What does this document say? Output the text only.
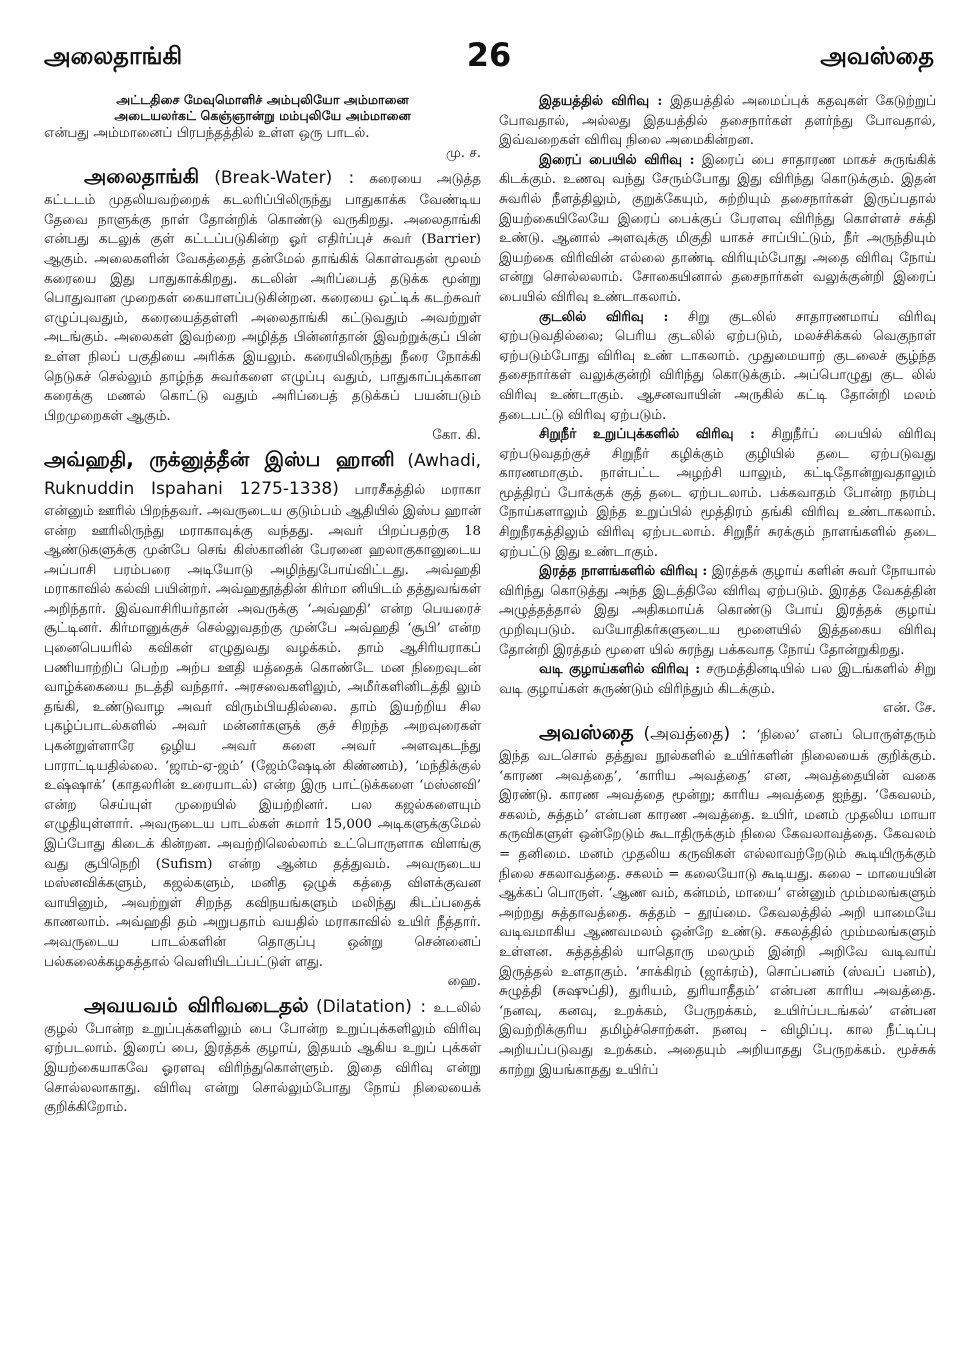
அலைதாங்கி	26	அவஸ்தை

அட்டதிசை மேவுமொளிச் அம்புலியோ அம்மானை

அடையலர்கட் கெஞ்ஞான்று மம்புலியே அம்மானை

என்பது அம்மானைப் பிரபந்தத்தில் உள்ள ஒரு பாடல்.

மு. ச.

அலைதாங்கி (Break-Water) : கரையை அடுத்த கட்டடம் முதலியவற்றைக் கடலரிப்பிலிருந்து பாதுகாக்க வேண்டிய தேவை நாளுக்கு நாள் தோன்றிக் கொண்டு வருகிறது. அலைதாங்கி என்பது கடலுக் குள் கட்டப்படுகின்ற ஓர் எதிர்ப்புச் சுவர் (Barrier) ஆகும். அலைகளின் வேகத்தைத் தன்மேல் தாங்கிக் கொள்வதன் மூலம் கரையை இது பாதுகாக்கிறது. கடலின் அரிப்பைத் தடுக்க மூன்று பொதுவான முறைகள் கையாளப்படுகின்றன. கரையை ஒட்டிக் கடற்சுவர் எழுப்புவதும், கரையைத்தள்ளி அலைதாங்கி கட்டுவதும் அவற்றுள் அடங்கும். அலைகள் இவற்றை அழித்த பின்னர்தான் இவற்றுக்குப் பின் உள்ள நிலப் பகுதியை அரிக்க இயலும். கரையிலிருந்து நீரை நோக்கி நெடுகச் செல்லும் தாழ்ந்த சுவர்களை எழுப்பு வதும், பாதுகாப்புக்கான கரைக்கு மணல் கொட்டு வதும் அரிப்பைத் தடுக்கப் பயன்படும் பிறமுறைகள் ஆகும்.

கோ. கி.

அவ்ஹதி, ருக்னுத்தீன் இஸ்ப ஹானி (Awhadi, Ruknuddin Ispahani 1275-1338) பாரசீகத்தில் மராகா என்னும் ஊரில் பிறந்தவர். அவருடைய குடும்பம் ஆதியில் இஸ்ப ஹான் என்ற ஊரிலிருந்து மராகாவுக்கு வந்தது. அவர் பிறப்பதற்கு 18 ஆண்டுகளுக்கு முன்பே செங் கிஸ்கானின் பேரனை ஹலாகுகானுடைய அப்பாசி பரம்பரை அடியோடு அழிந்துபோய்விட்டது. அவ்ஹதி மராகாவில் கல்வி பயின்றர். அவ்ஹதூத்தின் கிர்மா னியிடம் தத்துவங்கள் அறிந்தார். இவ்வாசிரியர்தான் அவருக்கு ‘அவ்ஹதி’ என்ற பெயரைச் சூட்டினர். கிர்மானுக்குச் செல்லுவதற்கு முன்பே அவ்ஹதி ‘சூபி’ என்ற புனைபெயரில் கவிகள் எழுதுவது வழக்கம். தாம் ஆசிரியராகப் பணியாற்றிப் பெற்ற அற்ப ஊதி யத்தைக் கொண்டே மன நிறைவுடன் வாழ்க்கையை நடத்தி வந்தார். அரசவைகளிலும், அமீர்களினிடத்தி லும் தங்கி, உண்டுவாழ அவர் விரும்பியதில்லை. தாம் இயற்றிய சில புகழ்ப்பாடல்களில் அவர் மன்னர்களுக் குச் சிறந்த அறவுரைகள் புகன்றுள்ளாரே ஒழிய அவர் களை அவர் அளவுகடந்து பாராட்டியதில்லை. ‘ஜாம்-ஏ-ஜம்’ (ஜேம்ஷேடின் கிண்ணம்), ‘மந்திக்குல் உஷ்ஷாக்’ (காதலரின் உரையாடல்) என்ற இரு பாட்டுக்களை ‘மஸ்னவி’ என்ற செய்யுள் முறையில் இயற்றினர். பல கஜல்களையும் எழுதியுள்ளார். அவருடைய பாடல்கள் சுமார் 15,000 அடிகளுக்குமேல் இப்போது கிடைக் கின்றன. அவற்றிலெல்லாம் உட்பொருளாக விளங்கு வது சூபிநெறி (Sufism) என்ற ஆன்ம தத்துவம். அவருடைய மஸ்னவிக்களும், கஜல்களும், மனித ஒழுக் கத்தை விளக்குவன வாயினும், அவற்றுள் சிறந்த கவிநயங்களும் மலிந்து கிடப்பதைக் காணலாம். அவ்ஹதி தம் அறுபதாம் வயதில் மராகாவில் உயிர் நீத்தார். அவருடைய பாடல்களின் தொகுப்பு ஒன்று சென்னைப் பல்கலைக்கழகத்தால் வெளியிடப்பட்டுள் ளது.

ஹை.

அவயவம் விரிவடைதல் (Dilatation) : உடலில் குழல் போன்ற உறுப்புக்களிலும் பை போன்ற உறுப்புக்களிலும் விரிவு ஏற்படலாம். இரைப் பை, இரத்தக் குழாய், இதயம் ஆகிய உறுப் புக்கள் இயற்கையாகவே ஓரளவு விரிந்துகொள்ளும். இதை விரிவு என்று சொல்லலாகாது. விரிவு என்று சொல்லும்போது நோய் நிலையைக் குறிக்கிறோம்.

இதயத்தில் விரிவு : இதயத்தில் அமைப்புக் கதவுகள் கேடுற்றுப் போவதால், அல்லது இதயத்தில் தசைநார்கள் தளர்ந்து போவதால், இவ்வறைகள் விரிவு நிலை அமைகின்றன.

இரைப் பையில் விரிவு : இரைப் பை சாதாரண மாகச் சுருங்கிக் கிடக்கும். உணவு வந்து சேரும்போது இது விரிந்து கொடுக்கும். இதன் சுவரில் நீளத்திலும், குறுக்கேயும், சுற்றியும் தசைநார்கள் இருப்பதால் இயற்கையிலேயே இரைப் பைக்குப் பேரளவு விரிந்து கொள்ளச் சக்தி உண்டு. ஆனால் அளவுக்கு மிகுதி யாகச் சாப்பிட்டும், நீர் அருந்தியும் இயற்கை விரிவின் எல்லை தாண்டி விரியும்போது அதை விரிவு நோய் என்று சொல்லலாம். சோகையினால் தசைநார்கள் வலுக்குன்றி இரைப் பையில் விரிவு உண்டாகலாம்.

குடலில் விரிவு : சிறு குடலில் சாதாரணமாய் விரிவு ஏற்படுவதில்லை; பெரிய குடலில் ஏற்படும், மலச்சிக்கல் வெகுநாள் ஏற்படும்போது விரிவு உண் டாகலாம். முதுமையாற் குடலைச் சூழ்ந்த தசைநார்கள் வலுக்குன்றி விரிந்து கொடுக்கும். அப்பொழுது குட லில் விரிவு உண்டாகும். ஆசனவாயின் அருகில் கட்டி தோன்றி மலம் தடைபட்டு விரிவு ஏற்படும்.

சிறுநீர் உறுப்புக்களில் விரிவு : சிறுநீர்ப் பையில் விரிவு ஏற்படுவதற்குச் சிறுநீர் கழிக்கும் குழியில் தடை ஏற்படுவது காரணமாகும். நாள்பட்ட அழற்சி யாலும், கட்டிதோன்றுவதாலும் மூத்திரப் போக்குக் குத் தடை ஏற்படலாம். பக்கவாதம் போன்ற நரம்பு நோய்களாலும் இந்த உறுப்பில் மூத்திரம் தங்கி விரிவு உண்டாகலாம். சிறுநீரகத்திலும் விரிவு ஏற்படலாம். சிறுநீர் சுரக்கும் நாளங்களில் தடை ஏற்பட்டு இது உண்டாகும்.

இரத்த நாளங்களில் விரிவு : இரத்தக் குழாய் களின் சுவர் நோயால் விரிந்து கொடுத்து அந்த இடத்திலே விரிவு ஏற்படும். இரத்த வேகத்தின் அழுத்தத்தால் இது அதிகமாய்க் கொண்டு போய் இரத்தக் குழாய் முறிவுபடும். வயோதிகர்களுடைய மூளையில் இத்தகைய விரிவு தோன்றி இரத்தம் மூளை யில் சுரந்து பக்கவாத நோய் தோன்றுகிறது.

வடி குழாய்களில் விரிவு : சருமத்தினடியில் பல இடங்களில் சிறு வடி குழாய்கள் சுருண்டும் விரிந்தும் கிடக்கும்.

என். சே.

அவஸ்தை (அவத்தை) : ‘நிலை’ எனப் பொருள்தரும் இந்த வடசொல் தத்துவ நூல்களில் உயிர்களின் நிலையைக் குறிக்கும். ‘காரண அவத்தை’, ‘காரிய அவத்தை’ என, அவத்தையின் வகை இரண்டு. காரண அவத்தை மூன்று; காரிய அவத்தை ஐந்து. ‘கேவலம், சகலம், சுத்தம்’ என்பன காரண அவத்தை. உயிர், மனம் முதலிய மாயா கருவிகளுள் ஒன்றேடும் கூடாதிருக்கும் நிலை கேவலாவத்தை. கேவலம் = தனிமை. மனம் முதலிய கருவிகள் எல்லாவற்றேடும் கூடியிருக்கும் நிலை சகலாவத்தை. சகலம் = கலையோடு கூடியது. கலை – மாயையின் ஆக்கப் பொருள். ‘ஆண வம், கன்மம், மாயை’ என்னும் மும்மலங்களும் அற்றது சுத்தாவத்தை. சுத்தம் – தூய்மை. கேவலத்தில் அறி யாமையே வடிவமாகிய ஆணவமலம் ஒன்றே உண்டு. சகலத்தில் மும்மலங்களும் உள்ளன. சுத்தத்தில் யாதொரு மலமும் இன்றி அறிவே வடிவாய் இருத்தல் உளதாகும். ‘சாக்கிரம் (ஜாக்ரம்), சொப்பனம் (ஸ்வப் பனம்), சுழுத்தி (சுஷுப்தி), துரியம், துரியாதீதம்’ என்பன காரிய அவத்தை. ‘நனவு, கனவு, உறக்கம், பேருறக்கம், உயிர்ப்படங்கல்’ என்பன இவற்றிக்குரிய தமிழ்ச்சொற்கள். நனவு – விழிப்பு. கால நீட்டிப்பு அறியப்படுவது உறக்கம். அதையும் அறியாதது பேருறக்கம். மூச்சுக் காற்று இயங்காதது உயிர்ப்
